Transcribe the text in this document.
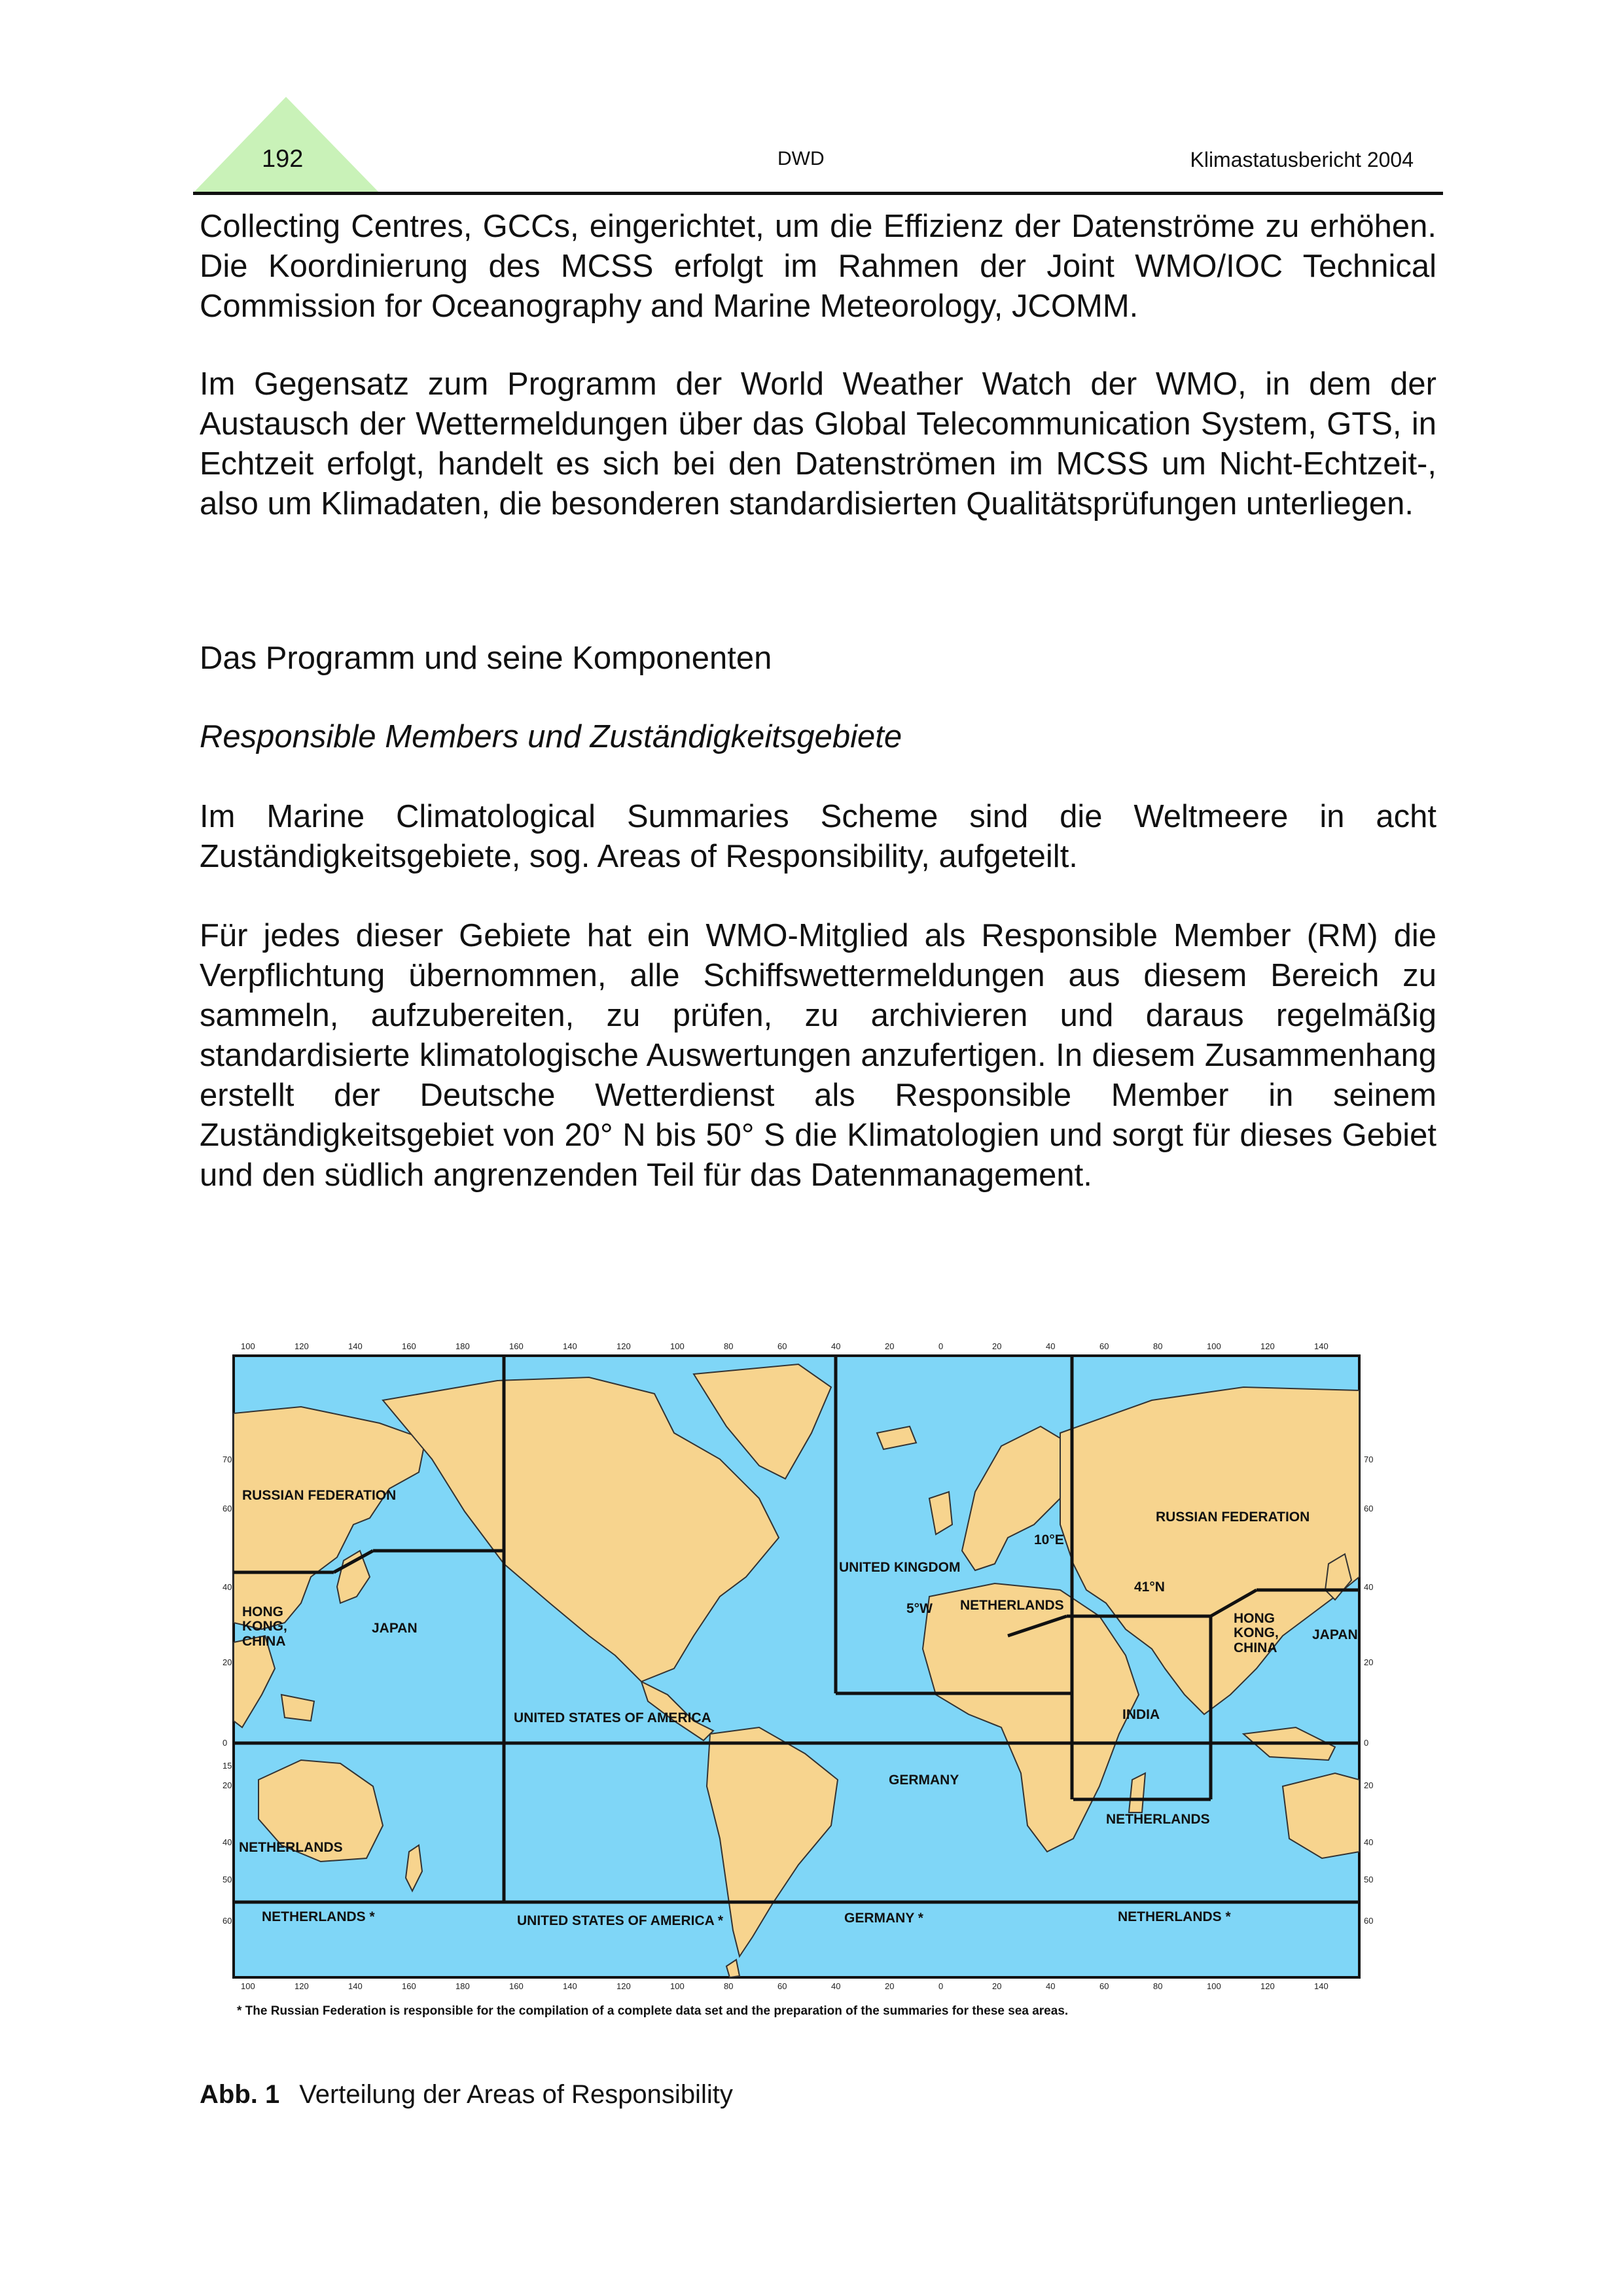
192	DWD	Klimastatusbericht 2004

Collecting Centres, GCCs, eingerichtet, um die Effizienz der Datenströme zu erhöhen. Die Koordinierung des MCSS erfolgt im Rahmen der Joint WMO/IOC Technical Commission for Oceanography and Marine Meteorology, JCOMM.

Im Gegensatz zum Programm der World Weather Watch der WMO, in dem der Austausch der Wettermeldungen über das Global Telecommunication System, GTS, in Echtzeit erfolgt, handelt es sich bei den Datenströmen im MCSS um Nicht-Echtzeit-, also um Klimadaten, die besonderen standardisierten Qualitätsprüfungen unterliegen.

Das Programm und seine Komponenten
Responsible Members und Zuständigkeitsgebiete

Im Marine Climatological Summaries Scheme sind die Weltmeere in acht Zuständigkeitsgebiete, sog. Areas of Responsibility, aufgeteilt.

Für jedes dieser Gebiete hat ein WMO-Mitglied als Responsible Member (RM) die Verpflichtung übernommen, alle Schiffswettermeldungen aus diesem Bereich zu sammeln, aufzubereiten, zu prüfen, zu archivieren und daraus regelmäßig standardisierte klimatologische Auswertungen anzufertigen. In diesem Zusammenhang erstellt der Deutsche Wetterdienst als Responsible Member in seinem Zuständigkeitsgebiet von 20° N bis 50° S die Klimatologien und sorgt für dieses Gebiet und den südlich angrenzenden Teil für das Datenmanagement.

100	120	140	160	180	160	140	120	100	80	60	40	20	0	20	40	60	80	100	120	140
100	120	140	160	180	160	140	120	100	80	60	40	20	0	20	40	60	80	100	120	140
70
60
40
20
0
15
20
40
50
60
70
60
40
20
0
20
40
50
60
RUSSIAN FEDERATION
RUSSIAN FEDERATION
HONG
KONG,
CHINA
HONG
KONG,
CHINA
JAPAN	JAPAN
UNITED KINGDOM
UNITED STATES OF AMERICA
UNITED STATES OF AMERICA *
GERMANY
GERMANY *
INDIA
NETHERLANDS
NETHERLANDS
NETHERLANDS *
NETHERLANDS
NETHERLANDS *
10°E
41°N
5°W
* The Russian Federation is responsible for the compilation of a complete data set and the preparation of the summaries for these sea areas.
Abb. 1 Verteilung der Areas of Responsibility
